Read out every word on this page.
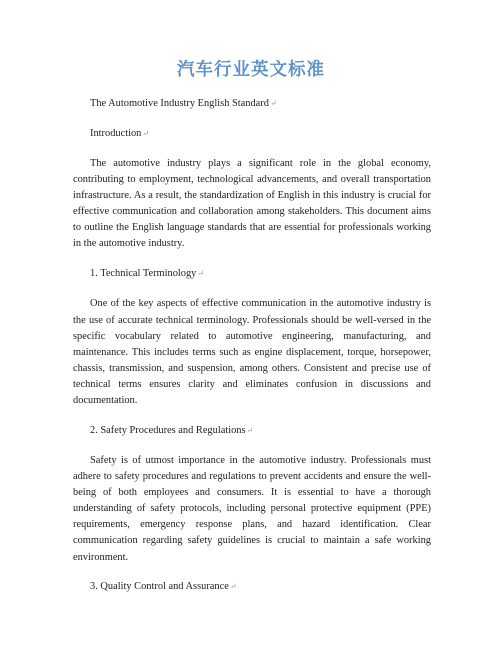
汽车行业英文标准

The Automotive Industry English Standard↵

Introduction↵

The automotive industry plays a significant role in the global economy, contributing to employment, technological advancements, and overall transportation infrastructure. As a result, the standardization of English in this industry is crucial for effective communication and collaboration among stakeholders. This document aims to outline the English language standards that are essential for professionals working in the automotive industry.

1. Technical Terminology↵

One of the key aspects of effective communication in the automotive industry is the use of accurate technical terminology. Professionals should be well-versed in the specific vocabulary related to automotive engineering, manufacturing, and maintenance. This includes terms such as engine displacement, torque, horsepower, chassis, transmission, and suspension, among others. Consistent and precise use of technical terms ensures clarity and eliminates confusion in discussions and documentation.

2. Safety Procedures and Regulations↵

Safety is of utmost importance in the automotive industry. Professionals must adhere to safety procedures and regulations to prevent accidents and ensure the well-being of both employees and consumers. It is essential to have a thorough understanding of safety protocols, including personal protective equipment (PPE) requirements, emergency response plans, and hazard identification. Clear communication regarding safety guidelines is crucial to maintain a safe working environment.

3. Quality Control and Assurance↵
